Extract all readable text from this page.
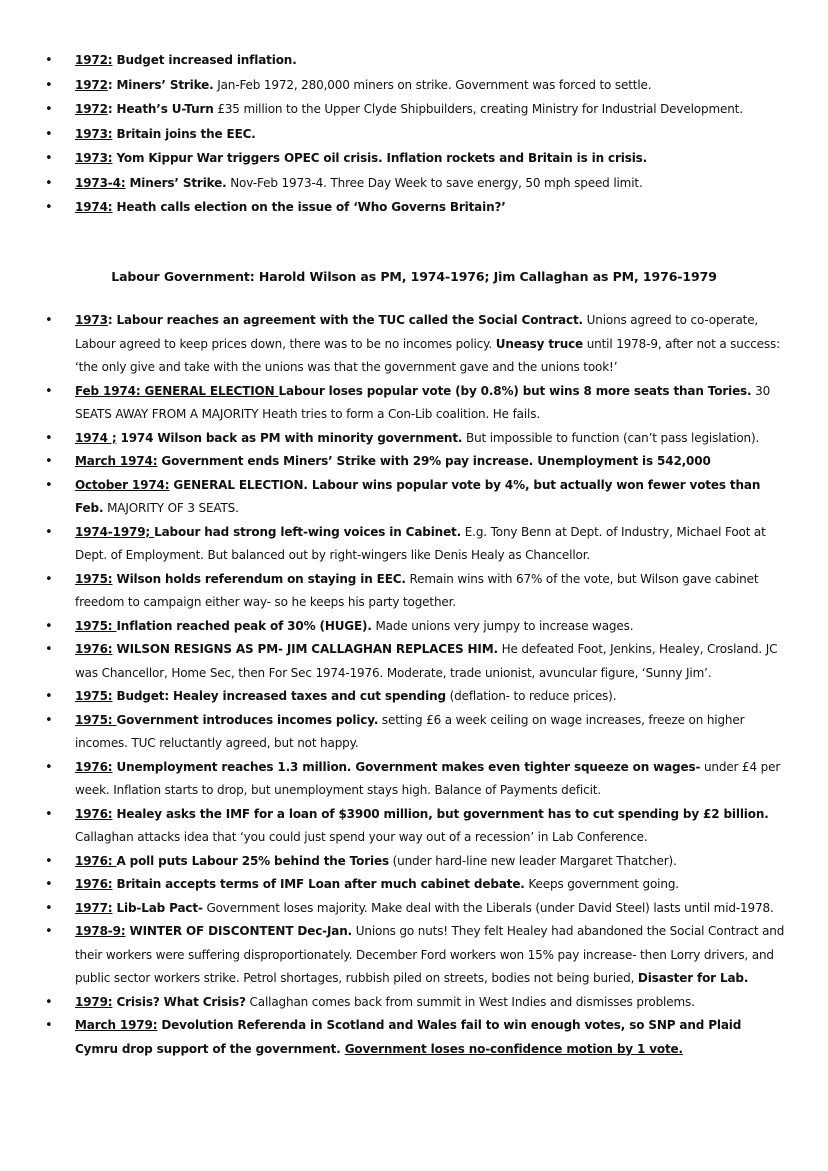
• 1972: Budget increased inflation.
• 1972: Miners’ Strike. Jan-Feb 1972, 280,000 miners on strike. Government was forced to settle.
• 1972: Heath’s U-Turn £35 million to the Upper Clyde Shipbuilders, creating Ministry for Industrial Development.
• 1973: Britain joins the EEC.
• 1973: Yom Kippur War triggers OPEC oil crisis. Inflation rockets and Britain is in crisis.
• 1973-4: Miners’ Strike. Nov-Feb 1973-4. Three Day Week to save energy, 50 mph speed limit.
• 1974: Heath calls election on the issue of ‘Who Governs Britain?’
Labour Government: Harold Wilson as PM, 1974-1976; Jim Callaghan as PM, 1976-1979
• 1973: Labour reaches an agreement with the TUC called the Social Contract. Unions agreed to co-operate, Labour agreed to keep prices down, there was to be no incomes policy. Uneasy truce until 1978-9, after not a success: ‘the only give and take with the unions was that the government gave and the unions took!’
• Feb 1974: GENERAL ELECTION Labour loses popular vote (by 0.8%) but wins 8 more seats than Tories. 30 SEATS AWAY FROM A MAJORITY Heath tries to form a Con-Lib coalition. He fails.
• 1974 ; 1974 Wilson back as PM with minority government. But impossible to function (can’t pass legislation).
• March 1974: Government ends Miners’ Strike with 29% pay increase. Unemployment is 542,000
• October 1974: GENERAL ELECTION. Labour wins popular vote by 4%, but actually won fewer votes than Feb. MAJORITY OF 3 SEATS.
• 1974-1979; Labour had strong left-wing voices in Cabinet. E.g. Tony Benn at Dept. of Industry, Michael Foot at Dept. of Employment. But balanced out by right-wingers like Denis Healy as Chancellor.
• 1975: Wilson holds referendum on staying in EEC. Remain wins with 67% of the vote, but Wilson gave cabinet freedom to campaign either way- so he keeps his party together.
• 1975: Inflation reached peak of 30% (HUGE). Made unions very jumpy to increase wages.
• 1976: WILSON RESIGNS AS PM- JIM CALLAGHAN REPLACES HIM. He defeated Foot, Jenkins, Healey, Crosland. JC was Chancellor, Home Sec, then For Sec 1974-1976. Moderate, trade unionist, avuncular figure, ‘Sunny Jim’.
• 1975: Budget: Healey increased taxes and cut spending (deflation- to reduce prices).
• 1975: Government introduces incomes policy. setting £6 a week ceiling on wage increases, freeze on higher incomes. TUC reluctantly agreed, but not happy.
• 1976: Unemployment reaches 1.3 million. Government makes even tighter squeeze on wages- under £4 per week. Inflation starts to drop, but unemployment stays high. Balance of Payments deficit.
• 1976: Healey asks the IMF for a loan of $3900 million, but government has to cut spending by £2 billion. Callaghan attacks idea that ‘you could just spend your way out of a recession’ in Lab Conference.
• 1976: A poll puts Labour 25% behind the Tories (under hard-line new leader Margaret Thatcher).
• 1976: Britain accepts terms of IMF Loan after much cabinet debate. Keeps government going.
• 1977: Lib-Lab Pact- Government loses majority. Make deal with the Liberals (under David Steel) lasts until mid-1978.
• 1978-9: WINTER OF DISCONTENT Dec-Jan. Unions go nuts! They felt Healey had abandoned the Social Contract and their workers were suffering disproportionately. December Ford workers won 15% pay increase- then Lorry drivers, and public sector workers strike. Petrol shortages, rubbish piled on streets, bodies not being buried, Disaster for Lab.
• 1979: Crisis? What Crisis? Callaghan comes back from summit in West Indies and dismisses problems.
• March 1979: Devolution Referenda in Scotland and Wales fail to win enough votes, so SNP and Plaid Cymru drop support of the government. Government loses no-confidence motion by 1 vote.
